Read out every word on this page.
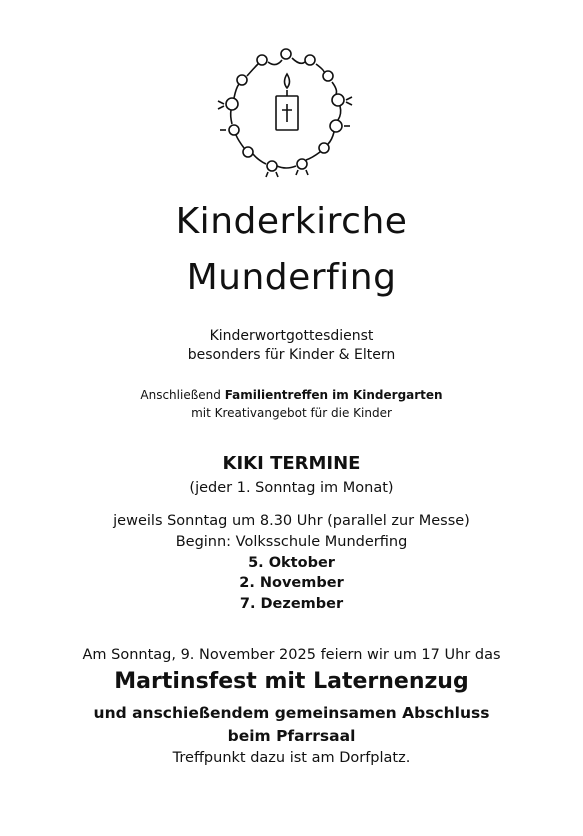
Kinderkirche
Munderfing
Kinderwortgottesdienst
besonders für Kinder & Eltern
Anschließend Familientreffen im Kindergarten
mit Kreativangebot für die Kinder
KIKI TERMINE
(jeder 1. Sonntag im Monat)
jeweils Sonntag um 8.30 Uhr (parallel zur Messe)
Beginn: Volksschule Munderfing
5. Oktober
2. November
7. Dezember
Am Sonntag, 9. November 2025 feiern wir um 17 Uhr das
Martinsfest mit Laternenzug
und anschießendem gemeinsamen Abschluss
beim Pfarrsaal
Treffpunkt dazu ist am Dorfplatz.
